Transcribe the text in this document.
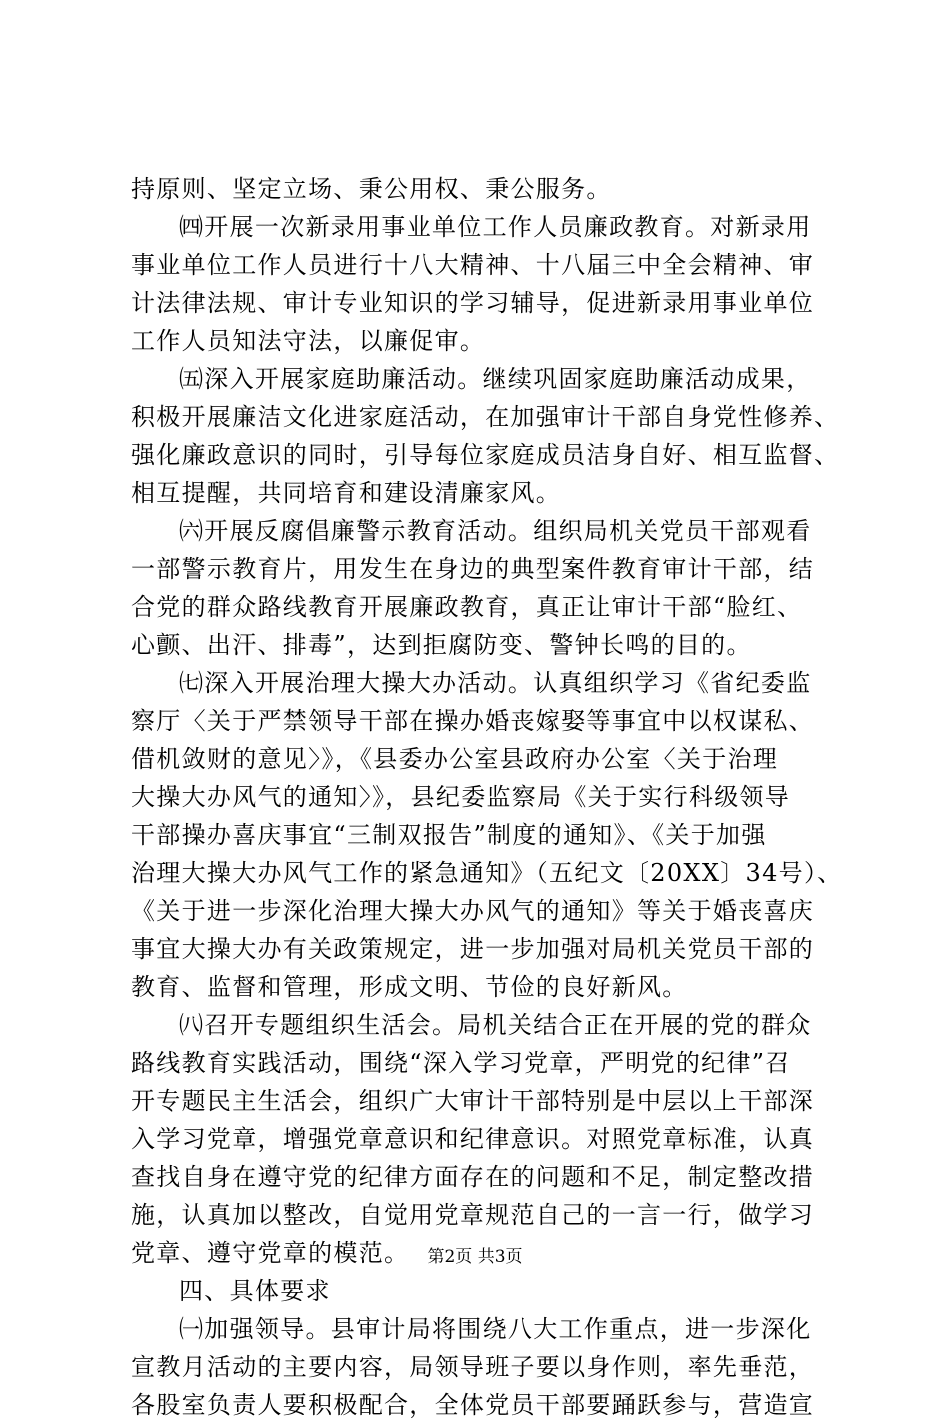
持原则、坚定立场、秉公用权、秉公服务。
㈣开展一次新录用事业单位工作人员廉政教育。对新录用
事业单位工作人员进行十八大精神、十八届三中全会精神、审
计法律法规、审计专业知识的学习辅导，促进新录用事业单位
工作人员知法守法，以廉促审。
㈤深入开展家庭助廉活动。继续巩固家庭助廉活动成果，
积极开展廉洁文化进家庭活动，在加强审计干部自身党性修养、
强化廉政意识的同时，引导每位家庭成员洁身自好、相互监督、
相互提醒，共同培育和建设清廉家风。
㈥开展反腐倡廉警示教育活动。组织局机关党员干部观看
一部警示教育片，用发生在身边的典型案件教育审计干部，结
合党的群众路线教育开展廉政教育，真正让审计干部“脸红、
心颤、出汗、排毒”，达到拒腐防变、警钟长鸣的目的。
㈦深入开展治理大操大办活动。认真组织学习《省纪委监
察厅〈关于严禁领导干部在操办婚丧嫁娶等事宜中以权谋私、
借机敛财的意见〉》，《县委办公室县政府办公室〈关于治理
大操大办风气的通知〉》，县纪委监察局《关于实行科级领导
干部操办喜庆事宜“三制双报告”制度的通知》、《关于加强
治理大操大办风气工作的紧急通知》（五纪文〔20XX〕34号）、
《关于进一步深化治理大操大办风气的通知》等关于婚丧喜庆
事宜大操大办有关政策规定，进一步加强对局机关党员干部的
教育、监督和管理，形成文明、节俭的良好新风。
㈧召开专题组织生活会。局机关结合正在开展的党的群众
路线教育实践活动，围绕“深入学习党章，严明党的纪律”召
开专题民主生活会，组织广大审计干部特别是中层以上干部深
入学习党章，增强党章意识和纪律意识。对照党章标准，认真
查找自身在遵守党的纪律方面存在的问题和不足，制定整改措
施，认真加以整改，自觉用党章规范自己的一言一行，做学习
党章、遵守党章的模范。
四、具体要求
㈠加强领导。县审计局将围绕八大工作重点，进一步深化
宣教月活动的主要内容，局领导班子要以身作则，率先垂范，
各股室负责人要积极配合，全体党员干部要踊跃参与，营造宣
第2页 共3页
